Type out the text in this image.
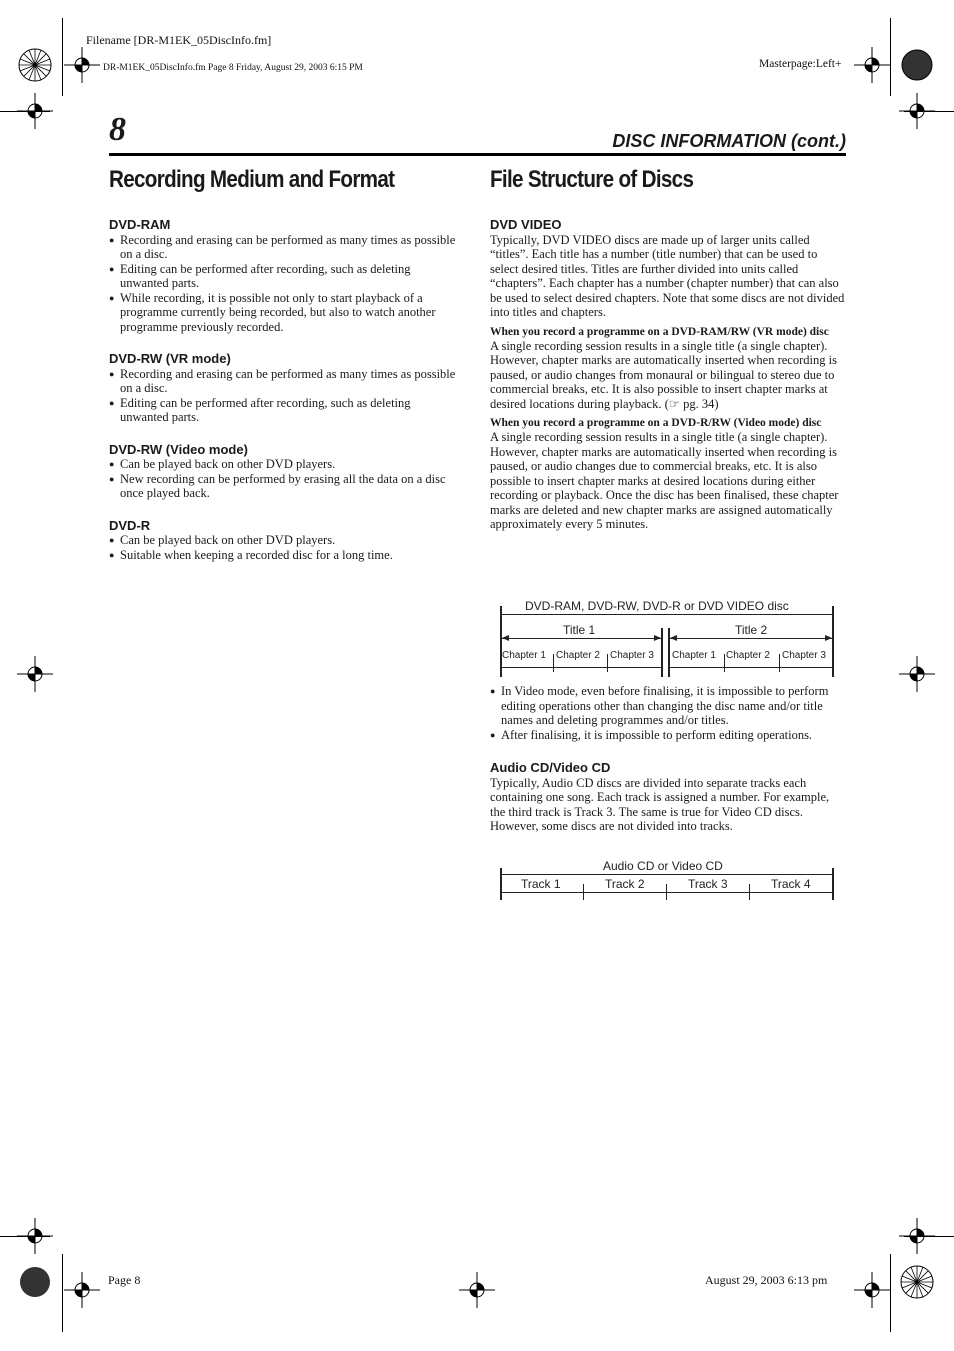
Filename [DR-M1EK_05DiscInfo.fm]
DR-M1EK_05DiscInfo.fm Page 8 Friday, August 29, 2003 6:15 PM	Masterpage:Left+
Page 8	August 29, 2003 6:13 pm
8	DISC INFORMATION (cont.)
Recording Medium and Format
DVD-RAM
● Recording and erasing can be performed as many times as possible on a disc.
● Editing can be performed after recording, such as deleting unwanted parts.
● While recording, it is possible not only to start playback of a programme currently being recorded, but also to watch another programme previously recorded.
DVD-RW (VR mode)
● Recording and erasing can be performed as many times as possible on a disc.
● Editing can be performed after recording, such as deleting unwanted parts.
DVD-RW (Video mode)
● Can be played back on other DVD players.
● New recording can be performed by erasing all the data on a disc once played back.
DVD-R
● Can be played back on other DVD players.
● Suitable when keeping a recorded disc for a long time.
File Structure of Discs
DVD VIDEO

Typically, DVD VIDEO discs are made up of larger units called “titles”. Each title has a number (title number) that can be used to select desired titles. Titles are further divided into units called “chapters”. Each chapter has a number (chapter number) that can also be used to select desired chapters. Note that some discs are not divided into titles and chapters.

When you record a programme on a DVD-RAM/RW (VR mode) disc

A single recording session results in a single title (a single chapter). However, chapter marks are automatically inserted when recording is paused, or audio changes from monaural or bilingual to stereo due to commercial breaks, etc. It is also possible to insert chapter marks at desired locations during playback. (☞ pg. 34)

When you record a programme on a DVD-R/RW (Video mode) disc

A single recording session results in a single title (a single chapter). However, chapter marks are automatically inserted when recording is paused, or audio changes due to commercial breaks, etc. It is also possible to insert chapter marks at desired locations during either recording or playback. Once the disc has been finalised, these chapter marks are deleted and new chapter marks are assigned automatically approximately every 5 minutes.

DVD-RAM, DVD-RW, DVD-R or DVD VIDEO disc
Title 1	Title 2
Chapter 1 Chapter 2 Chapter 3 Chapter 1 Chapter 2 Chapter 3
● In Video mode, even before finalising, it is impossible to perform editing operations other than changing the disc name and/or title names and deleting programmes and/or titles.
● After finalising, it is impossible to perform editing operations.
Audio CD/Video CD

Typically, Audio CD discs are divided into separate tracks each containing one song. Each track is assigned a number. For example, the third track is Track 3. The same is true for Video CD discs.

However, some discs are not divided into tracks.

Audio CD or Video CD
Track 1	Track 2	Track 3	Track 4
